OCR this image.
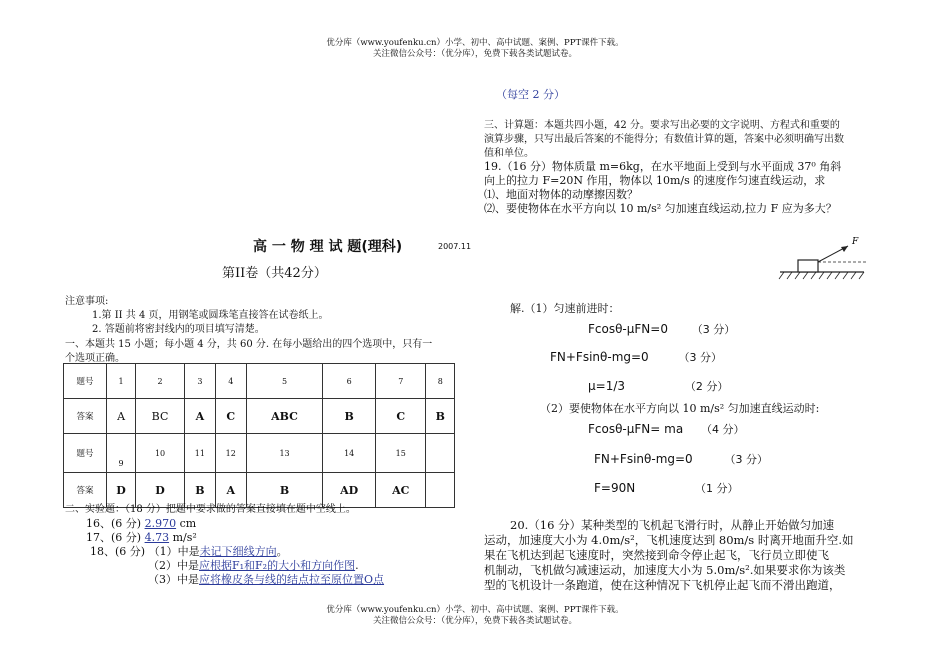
优分库（www.youfenku.cn）小学、初中、高中试题、案例、PPT课件下载。
关注微信公众号：（优分库），免费下载各类试题试卷。
高 一 物 理 试 题(理科)	2007.11
第II卷（共42分）
注意事项:
1.第 II 共 4 页，用钢笔或圆珠笔直接答在试卷纸上。
2. 答题前将密封线内的项目填写清楚。
一、本题共 15 小题；每小题 4 分，共 60 分. 在每小题给出的四个选项中，只有一
个选项正确。
题号	1	2	3	4	5	6	7	8
答案	A	BC	A	C	ABC	B	C	B
题号	9	10	11	12	13	14	15	
答案	D	D	B	A	B	AD	AC	
二、实验题：（18 分）把题中要求做的答案直接填在题中空线上。
16、(6 分) 2.970 cm
17、(6 分) 4.73 m/s²
18、(6 分) （1）中是未记下细线方向。
（2）中是应根据F₁和F₂的大小和方向作图.
（3）中是应将橡皮条与线的结点拉至原位置O点
（每空 2 分）
三、计算题：本题共四小题，42 分。要求写出必要的文字说明、方程式和重要的
演算步骤，只写出最后答案的不能得分；有数值计算的题，答案中必须明确写出数
值和单位。
19.（16 分）物体质量 m=6kg，在水平地面上受到与水平面成 37⁰ 角斜
向上的拉力 F=20N 作用，物体以 10m/s 的速度作匀速直线运动，求
⑴、地面对物体的动摩擦因数？
⑵、要使物体在水平方向以 10 m/s² 匀加速直线运动,拉力 F 应为多大？
F
解.（1）匀速前进时：
Fcosθ-μFN=0 （3 分）
FN+Fsinθ-mg=0	（3 分）
μ=1/3	（2 分）
（2）要使物体在水平方向以 10 m/s² 匀加速直线运动时:
Fcosθ-μFN= ma （4 分）
FN+Fsinθ-mg=0	（3 分）
F=90N	（1 分）
20.（16 分）某种类型的飞机起飞滑行时，从静止开始做匀加速
运动，加速度大小为 4.0m/s²，飞机速度达到 80m/s 时离开地面升空.如
果在飞机达到起飞速度时，突然接到命令停止起飞，飞行员立即使飞
机制动，飞机做匀减速运动，加速度大小为 5.0m/s².如果要求你为该类
型的飞机设计一条跑道，使在这种情况下飞机停止起飞而不滑出跑道，
优分库（www.youfenku.cn）小学、初中、高中试题、案例、PPT课件下载。
关注微信公众号：（优分库），免费下载各类试题试卷。
